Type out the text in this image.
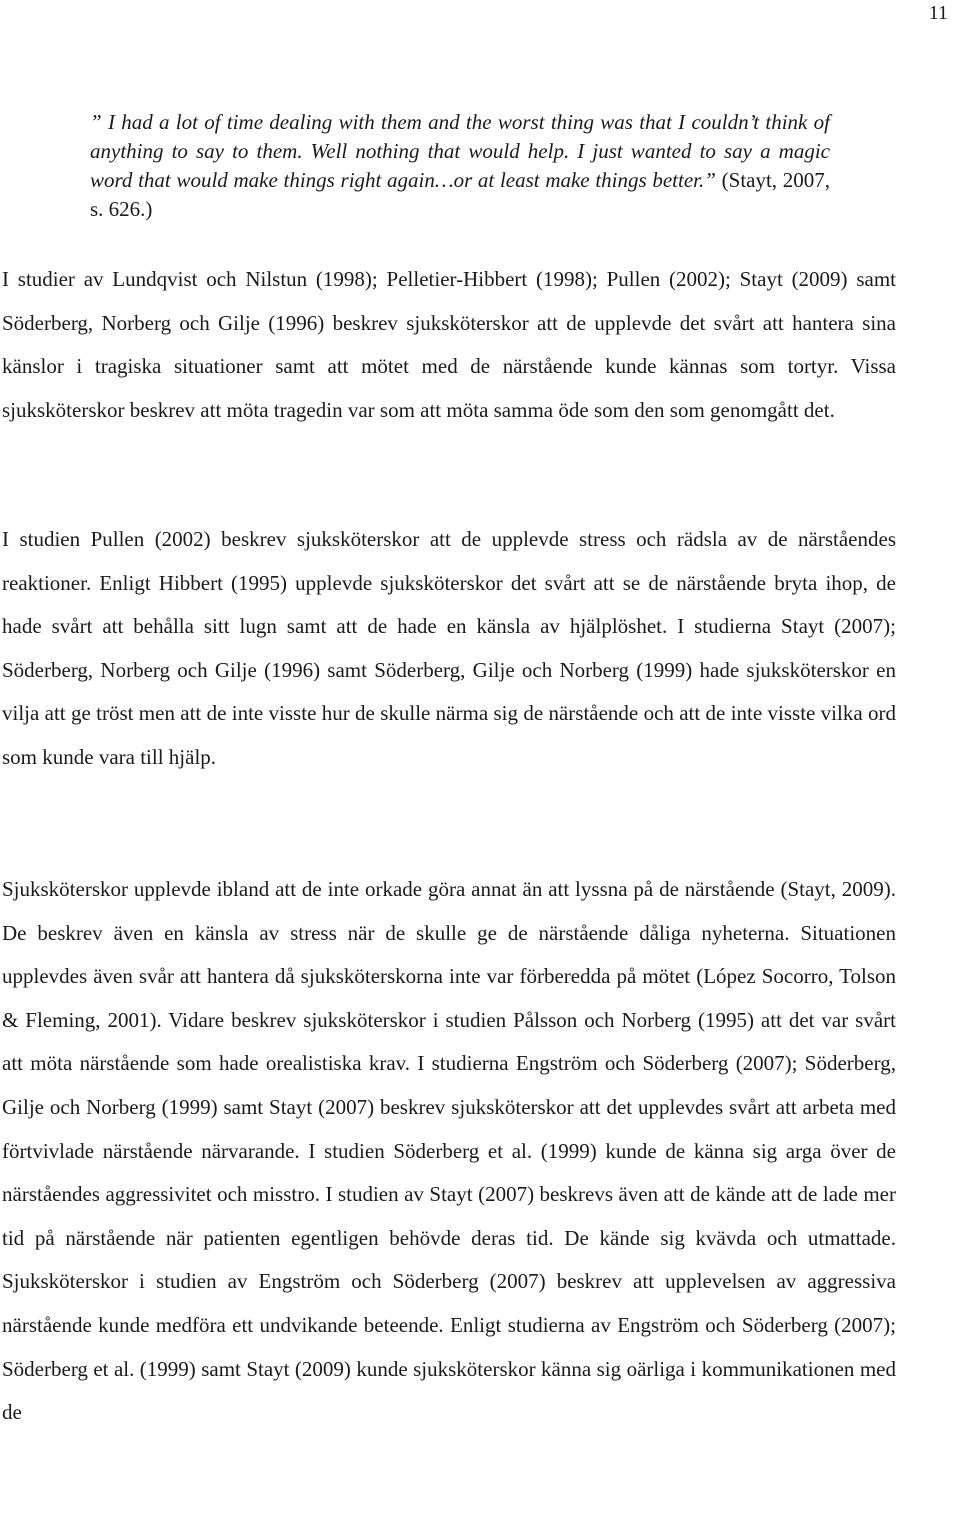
11
” I had a lot of time dealing with them and the worst thing was that I couldn’t think of anything to say to them. Well nothing that would help. I just wanted to say a magic word that would make things right again…or at least make things better.” (Stayt, 2007, s. 626.)

I studier av Lundqvist och Nilstun (1998); Pelletier-Hibbert (1998); Pullen (2002); Stayt (2009) samt Söderberg, Norberg och Gilje (1996) beskrev sjuksköterskor att de upplevde det svårt att hantera sina känslor i tragiska situationer samt att mötet med de närstående kunde kännas som tortyr. Vissa sjuksköterskor beskrev att möta tragedin var som att möta samma öde som den som genomgått det.

I studien Pullen (2002) beskrev sjuksköterskor att de upplevde stress och rädsla av de närståendes reaktioner. Enligt Hibbert (1995) upplevde sjuksköterskor det svårt att se de närstående bryta ihop, de hade svårt att behålla sitt lugn samt att de hade en känsla av hjälplöshet. I studierna Stayt (2007); Söderberg, Norberg och Gilje (1996) samt Söderberg, Gilje och Norberg (1999) hade sjuksköterskor en vilja att ge tröst men att de inte visste hur de skulle närma sig de närstående och att de inte visste vilka ord som kunde vara till hjälp.

Sjuksköterskor upplevde ibland att de inte orkade göra annat än att lyssna på de närstående (Stayt, 2009). De beskrev även en känsla av stress när de skulle ge de närstående dåliga nyheterna. Situationen upplevdes även svår att hantera då sjuksköterskorna inte var förberedda på mötet (López Socorro, Tolson & Fleming, 2001). Vidare beskrev sjuksköterskor i studien Pålsson och Norberg (1995) att det var svårt att möta närstående som hade orealistiska krav. I studierna Engström och Söderberg (2007); Söderberg, Gilje och Norberg (1999) samt Stayt (2007) beskrev sjuksköterskor att det upplevdes svårt att arbeta med förtvivlade närstående närvarande. I studien Söderberg et al. (1999) kunde de känna sig arga över de närståendes aggressivitet och misstro. I studien av Stayt (2007) beskrevs även att de kände att de lade mer tid på närstående när patienten egentligen behövde deras tid. De kände sig kvävda och utmattade. Sjuksköterskor i studien av Engström och Söderberg (2007) beskrev att upplevelsen av aggressiva närstående kunde medföra ett undvikande beteende. Enligt studierna av Engström och Söderberg (2007); Söderberg et al. (1999) samt Stayt (2009) kunde sjuksköterskor känna sig oärliga i kommunikationen med de
